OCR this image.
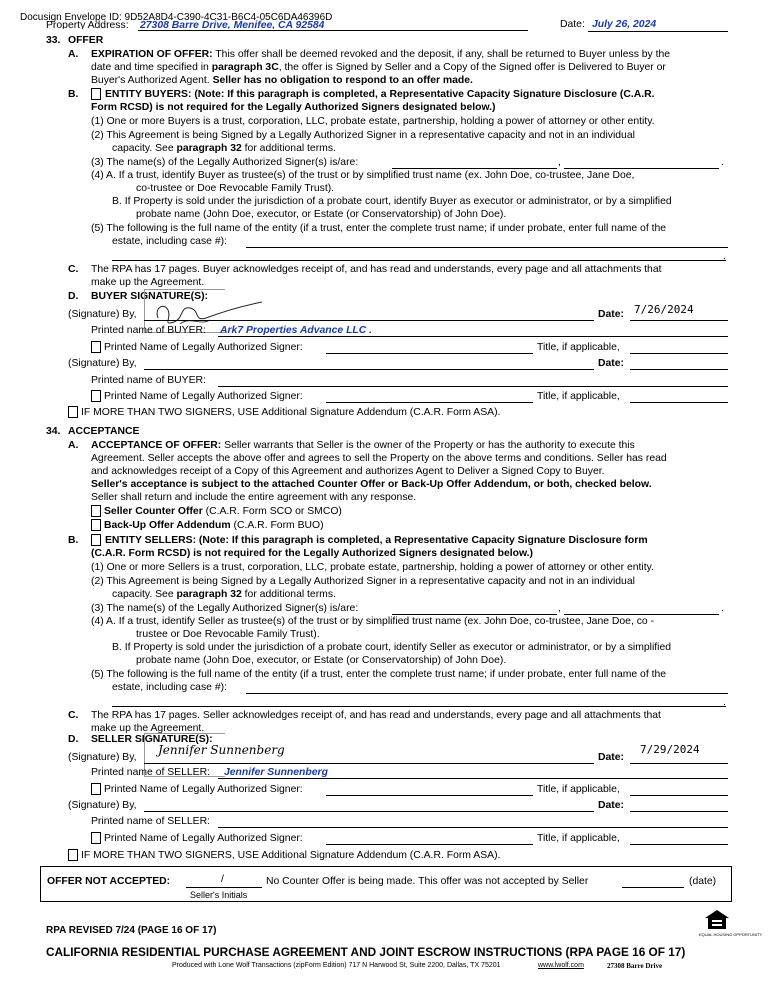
Docusign Envelope ID: 9D52A8D4-C390-4C31-B6C4-05C6DA46396D
Property Address: 27308 Barre Drive, Menifee, CA 92584	Date: July 26, 2024
33. OFFER
A. EXPIRATION OF OFFER: This offer shall be deemed revoked and the deposit, if any, shall be returned to Buyer unless by the
date and time specified in paragraph 3C, the offer is Signed by Seller and a Copy of the Signed offer is Delivered to Buyer or
Buyer's Authorized Agent. Seller has no obligation to respond to an offer made.
B.	ENTITY BUYERS: (Note: If this paragraph is completed, a Representative Capacity Signature Disclosure (C.A.R.
Form RCSD) is not required for the Legally Authorized Signers designated below.)
(1) One or more Buyers is a trust, corporation, LLC, probate estate, partnership, holding a power of attorney or other entity.
(2) This Agreement is being Signed by a Legally Authorized Signer in a representative capacity and not in an individual
capacity. See paragraph 32 for additional terms.
(3) The name(s) of the Legally Authorized Signer(s) is/are:	,	.
(4) A. If a trust, identify Buyer as trustee(s) of the trust or by simplified trust name (ex. John Doe, co-trustee, Jane Doe,
co-trustee or Doe Revocable Family Trust).
B. If Property is sold under the jurisdiction of a probate court, identify Buyer as executor or administrator, or by a simplified
probate name (John Doe, executor, or Estate (or Conservatorship) of John Doe).
(5) The following is the full name of the entity (if a trust, enter the complete trust name; if under probate, enter full name of the
estate, including case #):
.
C. The RPA has 17 pages. Buyer acknowledges receipt of, and has read and understands, every page and all attachments that
make up the Agreement.
D. BUYER SIGNATURE(S):
(Signature) By,	Date: 7/26/2024
Printed name of BUYER: Ark7 Properties Advance LLC .
Printed Name of Legally Authorized Signer:	Title, if applicable,
(Signature) By,	Date:
Printed name of BUYER:
Printed Name of Legally Authorized Signer:	Title, if applicable,
IF MORE THAN TWO SIGNERS, USE Additional Signature Addendum (C.A.R. Form ASA).
34. ACCEPTANCE
A. ACCEPTANCE OF OFFER: Seller warrants that Seller is the owner of the Property or has the authority to execute this
Agreement. Seller accepts the above offer and agrees to sell the Property on the above terms and conditions. Seller has read
and acknowledges receipt of a Copy of this Agreement and authorizes Agent to Deliver a Signed Copy to Buyer.
Seller's acceptance is subject to the attached Counter Offer or Back-Up Offer Addendum, or both, checked below.
Seller shall return and include the entire agreement with any response.
Seller Counter Offer (C.A.R. Form SCO or SMCO)
Back-Up Offer Addendum (C.A.R. Form BUO)
B.	ENTITY SELLERS: (Note: If this paragraph is completed, a Representative Capacity Signature Disclosure form
(C.A.R. Form RCSD) is not required for the Legally Authorized Signers designated below.)
(1) One or more Sellers is a trust, corporation, LLC, probate estate, partnership, holding a power of attorney or other entity.
(2) This Agreement is being Signed by a Legally Authorized Signer in a representative capacity and not in an individual
capacity. See paragraph 32 for additional terms.
(3) The name(s) of the Legally Authorized Signer(s) is/are:	,	.
(4) A. If a trust, identify Seller as trustee(s) of the trust or by simplified trust name (ex. John Doe, co-trustee, Jane Doe, co -
trustee or Doe Revocable Family Trust).
B. If Property is sold under the jurisdiction of a probate court, identify Seller as executor or administrator, or by a simplified
probate name (John Doe, executor, or Estate (or Conservatorship) of John Doe).
(5) The following is the full name of the entity (if a trust, enter the complete trust name; if under probate, enter full name of the
estate, including case #):
.
C. The RPA has 17 pages. Seller acknowledges receipt of, and has read and understands, every page and all attachments that
make up the Agreement.
D. SELLER SIGNATURE(S):
Jennifer Sunnenberg
(Signature) By,	Date:
7/29/2024
Printed name of SELLER: Jennifer Sunnenberg
Printed Name of Legally Authorized Signer:	Title, if applicable,
(Signature) By,	Date:
Printed name of SELLER:
Printed Name of Legally Authorized Signer:	Title, if applicable,
IF MORE THAN TWO SIGNERS, USE Additional Signature Addendum (C.A.R. Form ASA).
OFFER NOT ACCEPTED:	/	No Counter Offer is being made. This offer was not accepted by Seller	(date)
Seller's Initials
RPA REVISED 7/24 (PAGE 16 OF 17)	EQUAL HOUSING OPPORTUNITY
CALIFORNIA RESIDENTIAL PURCHASE AGREEMENT AND JOINT ESCROW INSTRUCTIONS (RPA PAGE 16 OF 17)
Produced with Lone Wolf Transactions (zipForm Edition) 717 N Harwood St, Suite 2200, Dallas, TX 75201	www.lwolf.com	27308 Barre Drive
